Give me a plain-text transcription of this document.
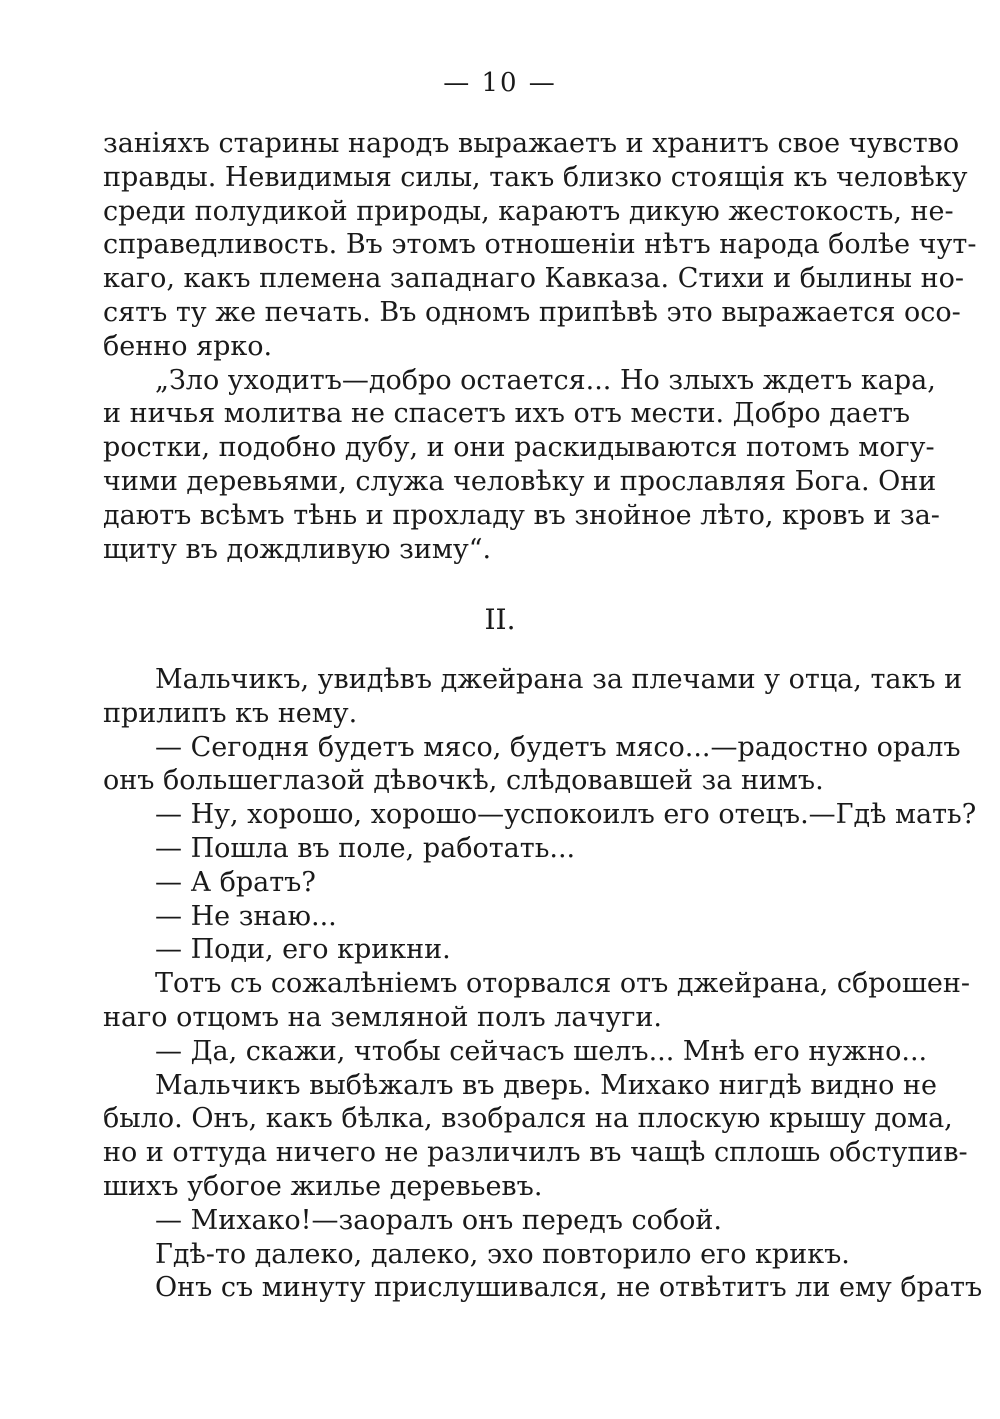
— 10 —
заніяхъ старины народъ выражаетъ и хранитъ свое чувство
правды. Невидимыя силы, такъ близко стоящія къ человѣку
среди полудикой природы, караютъ дикую жестокость, не-
справедливость. Въ этомъ отношеніи нѣтъ народа болѣе чут-
каго, какъ племена западнаго Кавказа. Стихи и былины но-
сятъ ту же печать. Въ одномъ припѣвѣ это выражается осо-
бенно ярко.
„Зло уходитъ—добро остается... Но злыхъ ждетъ кара,
и ничья молитва не спасетъ ихъ отъ мести. Добро даетъ
ростки, подобно дубу, и они раскидываются потомъ могу-
чими деревьями, служа человѣку и прославляя Бога. Они
даютъ всѣмъ тѣнь и прохладу въ знойное лѣто, кровъ и за-
щиту въ дождливую зиму“.
II.
Мальчикъ, увидѣвъ джейрана за плечами у отца, такъ и
прилипъ къ нему.
— Сегодня будетъ мясо, будетъ мясо...—радостно оралъ
онъ большеглазой дѣвочкѣ, слѣдовавшей за нимъ.
— Ну, хорошо, хорошо—успокоилъ его отецъ.—Гдѣ мать?
— Пошла въ поле, работать...
— А братъ?
— Не знаю...
— Поди, его крикни.
Тотъ съ сожалѣніемъ оторвался отъ джейрана, сброшен-
наго отцомъ на земляной полъ лачуги.
— Да, скажи, чтобы сейчасъ шелъ... Мнѣ его нужно...
Мальчикъ выбѣжалъ въ дверь. Михако нигдѣ видно не
было. Онъ, какъ бѣлка, взобрался на плоскую крышу дома,
но и оттуда ничего не различилъ въ чащѣ сплошь обступив-
шихъ убогое жилье деревьевъ.
— Михако!—заоралъ онъ передъ собой.
Гдѣ-то далеко, далеко, эхо повторило его крикъ.
Онъ съ минуту прислушивался, не отвѣтитъ ли ему братъ
